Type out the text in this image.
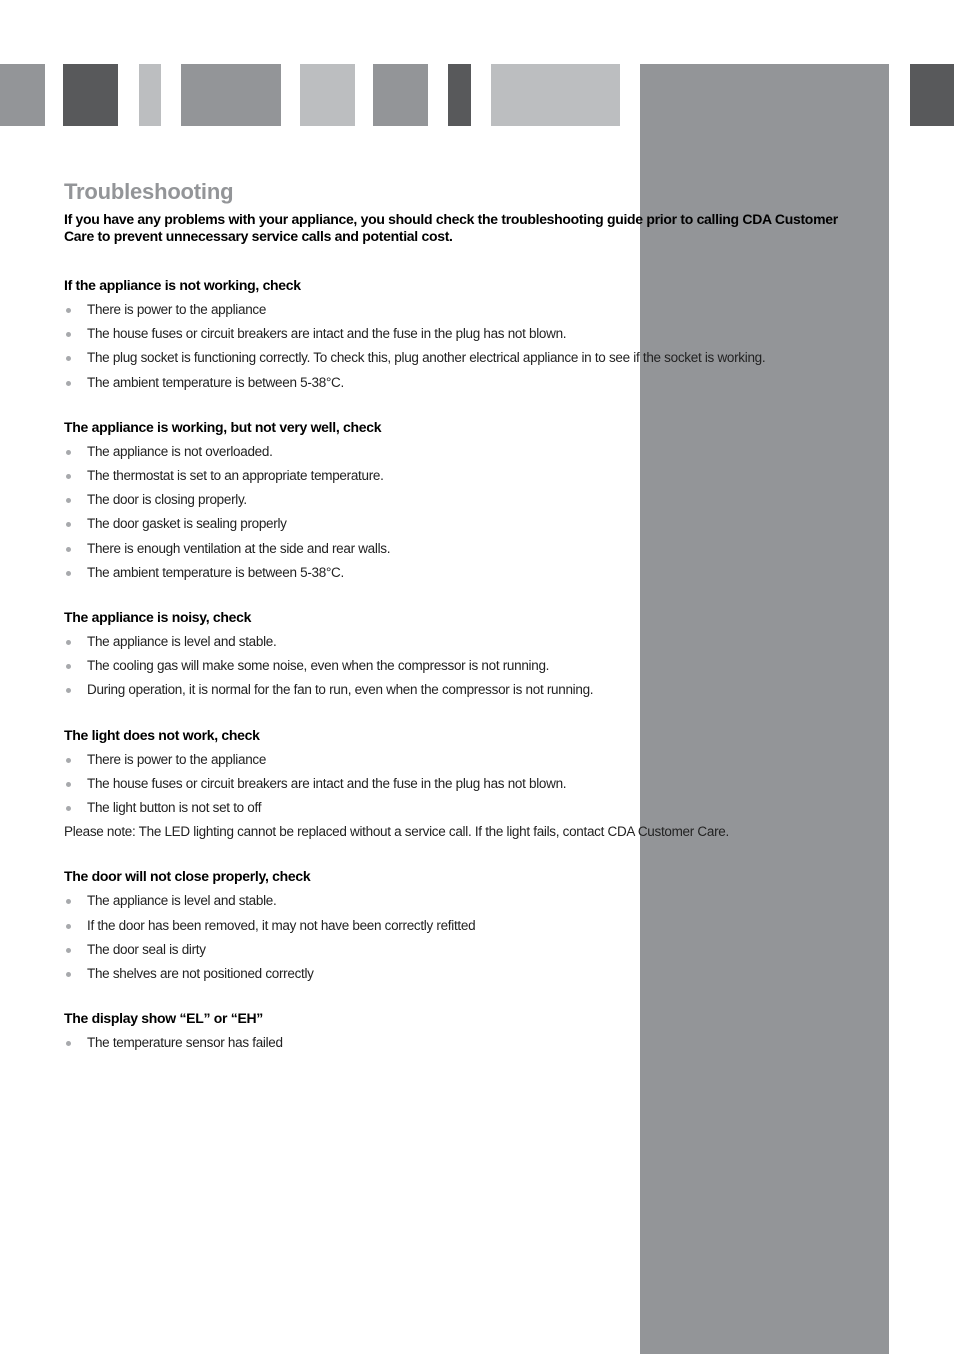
Troubleshooting

If you have any problems with your appliance, you should check the troubleshooting guide prior to calling CDA Customer Care to prevent unnecessary service calls and potential cost.

If the appliance is not working, check
There is power to the appliance
The house fuses or circuit breakers are intact and the fuse in the plug has not blown.
The plug socket is functioning correctly. To check this, plug another electrical appliance in to see if the socket is working.
The ambient temperature is between 5-38°C.
The appliance is working, but not very well, check
The appliance is not overloaded.
The thermostat is set to an appropriate temperature.
The door is closing properly.
The door gasket is sealing properly
There is enough ventilation at the side and rear walls.
The ambient temperature is between 5-38°C.
The appliance is noisy, check
The appliance is level and stable.
The cooling gas will make some noise, even when the compressor is not running.
During operation, it is normal for the fan to run, even when the compressor is not running.
The light does not work, check
There is power to the appliance
The house fuses or circuit breakers are intact and the fuse in the plug has not blown.
The light button is not set to off
Please note: The LED lighting cannot be replaced without a service call. If the light fails, contact CDA Customer Care.
The door will not close properly, check
The appliance is level and stable.
If the door has been removed, it may not have been correctly refitted
The door seal is dirty
The shelves are not positioned correctly
The display show “EL” or “EH”
The temperature sensor has failed
